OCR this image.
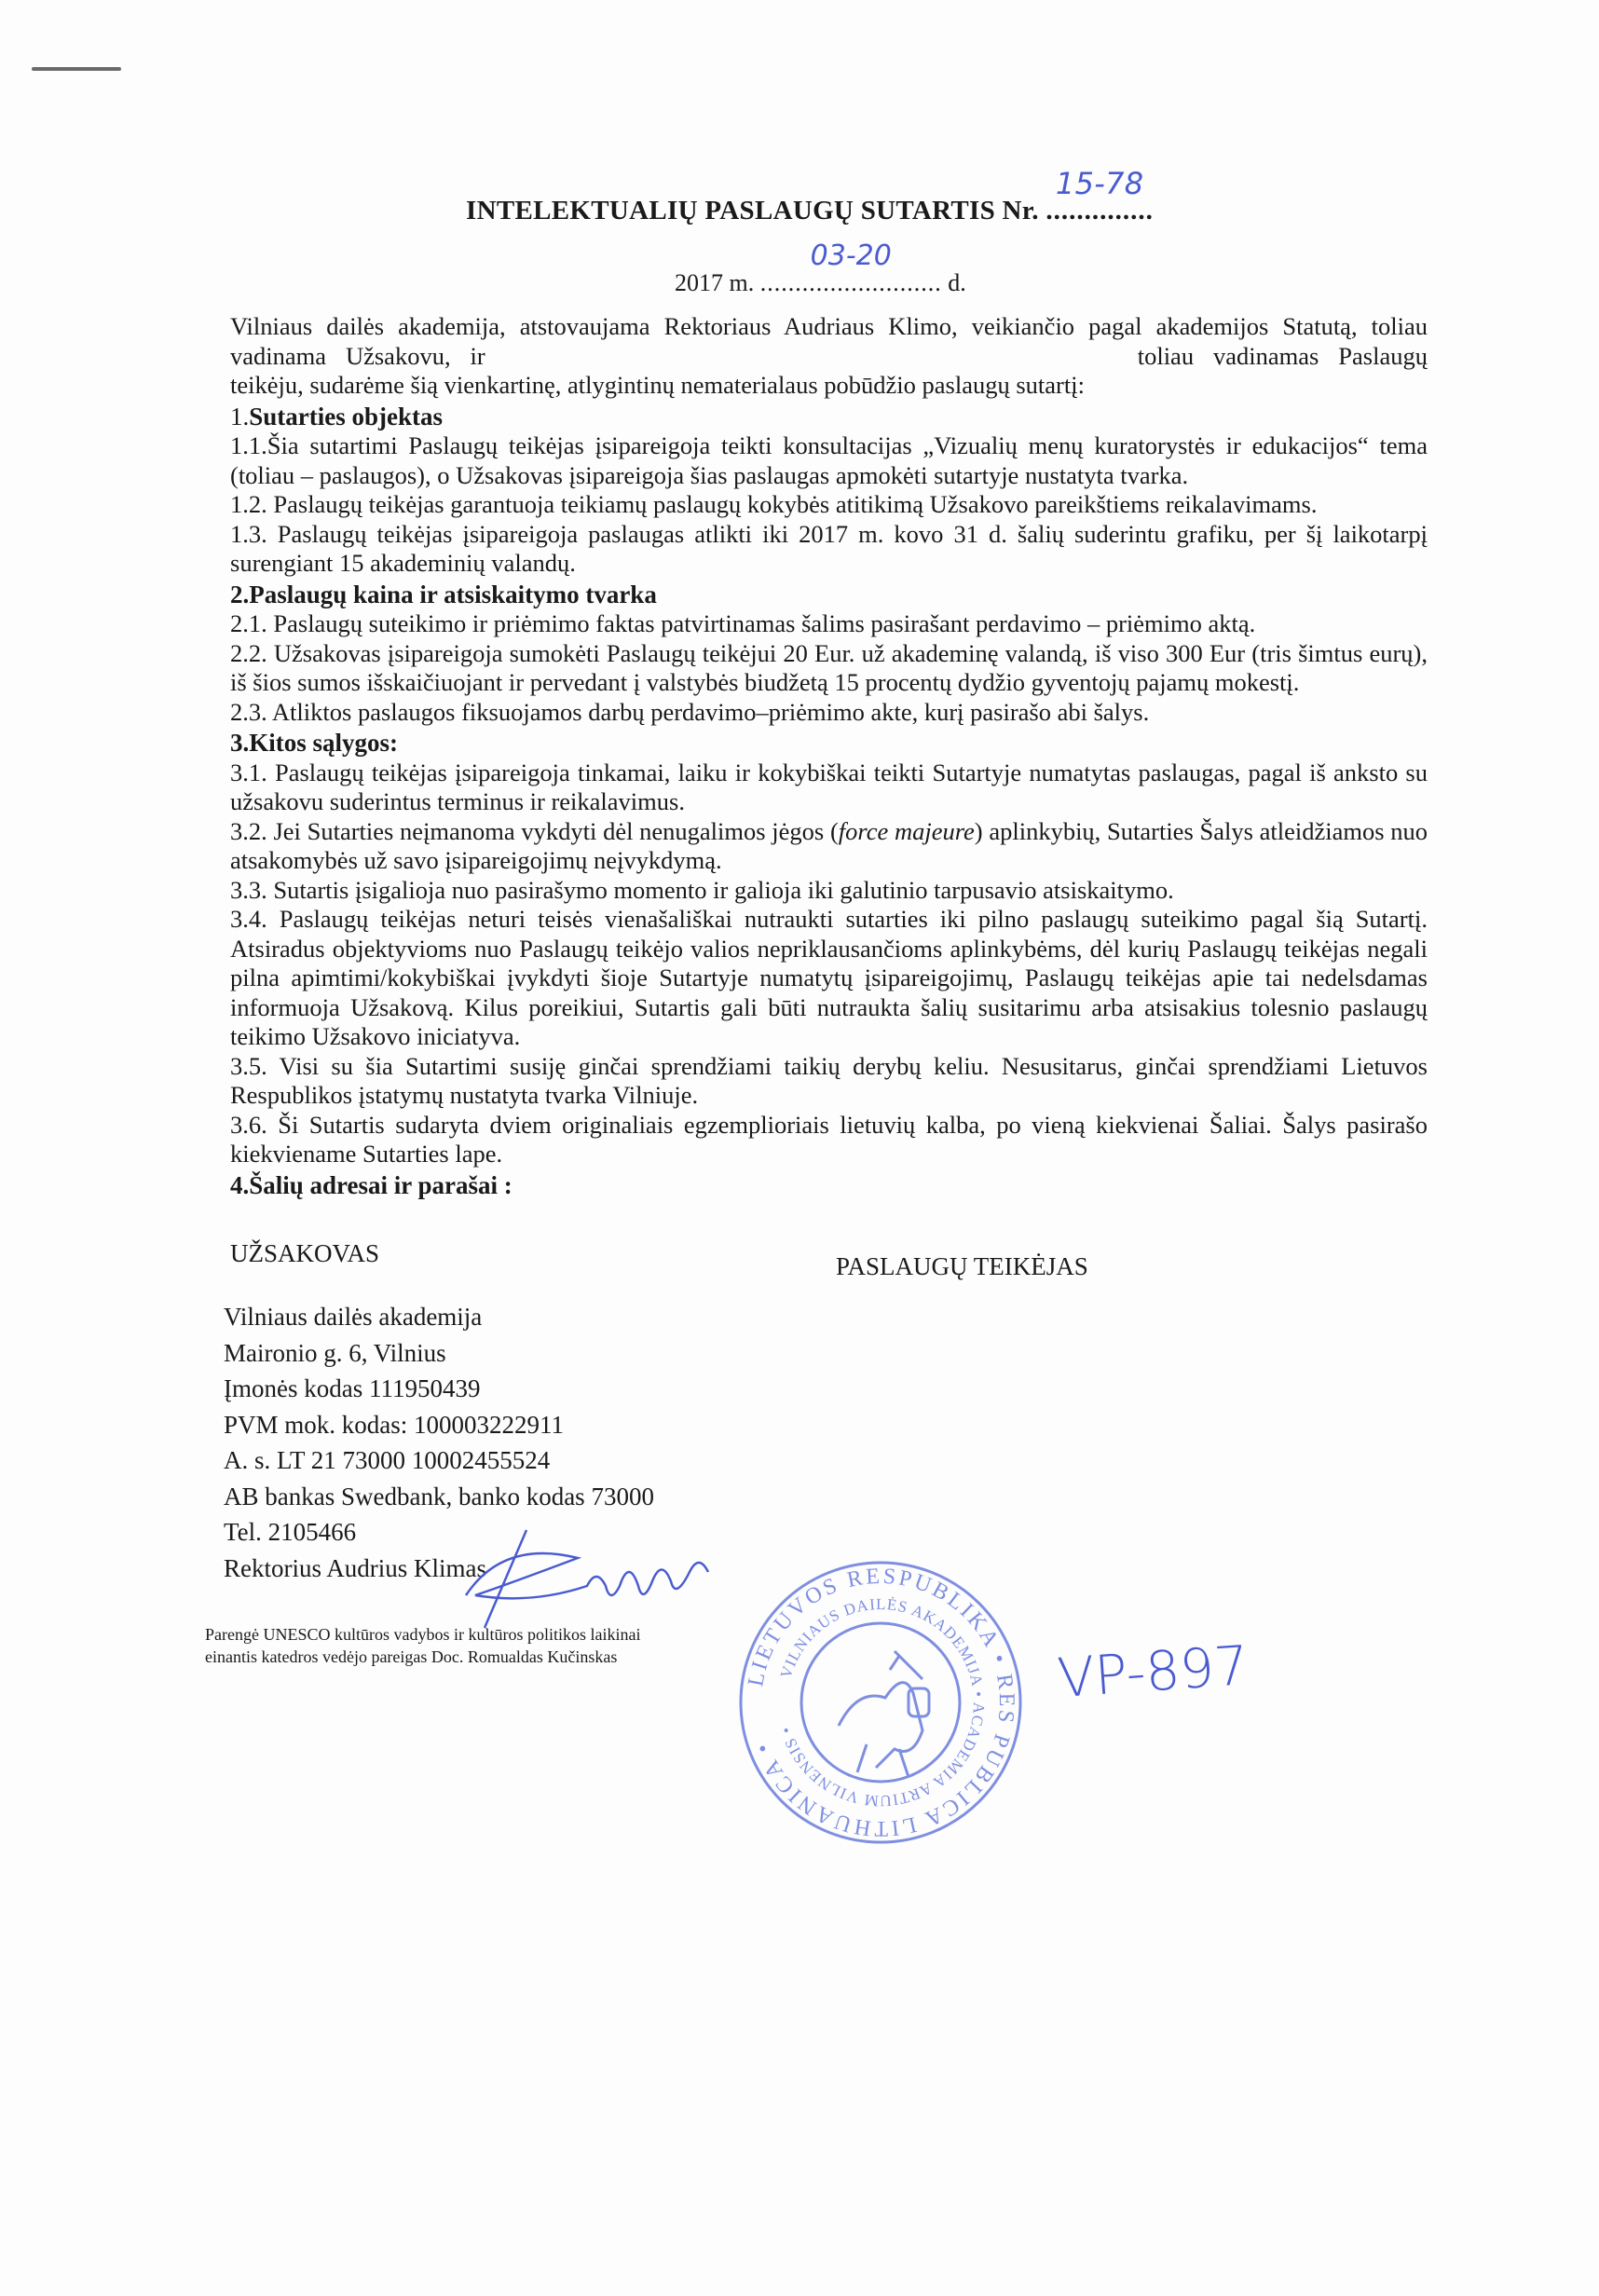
INTELEKTUALIŲ PASLAUGŲ SUTARTIS Nr.
15-78
..............
2017 m.
03-20
.......................... d.

Vilniaus dailės akademija, atstovaujama Rektoriaus Audriaus Klimo, veikiančio pagal akademijos Statutą, toliau vadinama Užsakovu, ir	toliau vadinamas Paslaugų teikėju, sudarėme šią vienkartinę, atlygintinų nematerialaus pobūdžio paslaugų sutartį:

1.Sutarties objektas

1.1.Šia sutartimi Paslaugų teikėjas įsipareigoja teikti konsultacijas „Vizualių menų kuratorystės ir edukacijos“ tema (toliau – paslaugos), o Užsakovas įsipareigoja šias paslaugas apmokėti sutartyje nustatyta tvarka.

1.2. Paslaugų teikėjas garantuoja teikiamų paslaugų kokybės atitikimą Užsakovo pareikštiems reikalavimams.

1.3. Paslaugų teikėjas įsipareigoja paslaugas atlikti iki 2017 m. kovo 31 d. šalių suderintu grafiku, per šį laikotarpį surengiant 15 akademinių valandų.

2.Paslaugų kaina ir atsiskaitymo tvarka

2.1. Paslaugų suteikimo ir priėmimo faktas patvirtinamas šalims pasirašant perdavimo – priėmimo aktą.

2.2. Užsakovas įsipareigoja sumokėti Paslaugų teikėjui 20 Eur. už akademinę valandą, iš viso 300 Eur (tris šimtus eurų), iš šios sumos išskaičiuojant ir pervedant į valstybės biudžetą 15 procentų dydžio gyventojų pajamų mokestį.

2.3. Atliktos paslaugos fiksuojamos darbų perdavimo–priėmimo akte, kurį pasirašo abi šalys.

3.Kitos sąlygos:

3.1. Paslaugų teikėjas įsipareigoja tinkamai, laiku ir kokybiškai teikti Sutartyje numatytas paslaugas, pagal iš anksto su užsakovu suderintus terminus ir reikalavimus.

3.2. Jei Sutarties neįmanoma vykdyti dėl nenugalimos jėgos (force majeure) aplinkybių, Sutarties Šalys atleidžiamos nuo atsakomybės už savo įsipareigojimų neįvykdymą.

3.3. Sutartis įsigalioja nuo pasirašymo momento ir galioja iki galutinio tarpusavio atsiskaitymo.

3.4. Paslaugų teikėjas neturi teisės vienašališkai nutraukti sutarties iki pilno paslaugų suteikimo pagal šią Sutartį. Atsiradus objektyvioms nuo Paslaugų teikėjo valios nepriklausančioms aplinkybėms, dėl kurių Paslaugų teikėjas negali pilna apimtimi/kokybiškai įvykdyti šioje Sutartyje numatytų įsipareigojimų, Paslaugų teikėjas apie tai nedelsdamas informuoja Užsakovą. Kilus poreikiui, Sutartis gali būti nutraukta šalių susitarimu arba atsisakius tolesnio paslaugų teikimo Užsakovo iniciatyva.

3.5. Visi su šia Sutartimi susiję ginčai sprendžiami taikių derybų keliu. Nesusitarus, ginčai sprendžiami Lietuvos Respublikos įstatymų nustatyta tvarka Vilniuje.

3.6. Ši Sutartis sudaryta dviem originaliais egzemplioriais lietuvių kalba, po vieną kiekvienai Šaliai. Šalys pasirašo kiekviename Sutarties lape.

4.Šalių adresai ir parašai :
UŽSAKOVAS	PASLAUGŲ TEIKĖJAS
Vilniaus dailės akademija
Maironio g. 6, Vilnius
Įmonės kodas 111950439
PVM mok. kodas: 100003222911
A. s. LT 21 73000 10002455524
AB bankas Swedbank, banko kodas 73000
Tel. 2105466
Rektorius Audrius Klimas
Parengė UNESCO kultūros vadybos ir kultūros politikos laikinai einantis katedros vedėjo pareigas Doc. Romualdas Kučinskas
LIETUVOS RESPUBLIKA • RES PUBLICA LITHUANICA •
VILNIAUS DAILĖS AKADEMIJA • ACADEMIA ARTIUM VILNENSIS •
VP-897
